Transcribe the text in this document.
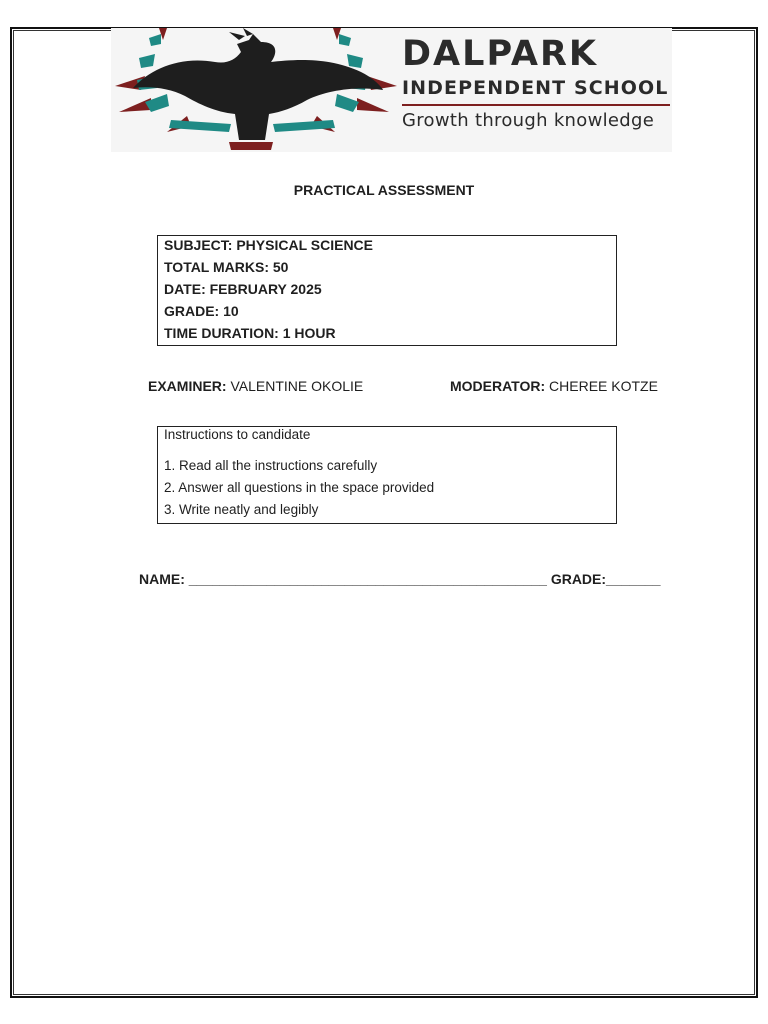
DALPARK
INDEPENDENT SCHOOL
Growth through knowledge
PRACTICAL ASSESSMENT
SUBJECT: PHYSICAL SCIENCE
TOTAL MARKS: 50
DATE: FEBRUARY 2025
GRADE: 10
TIME DURATION: 1 HOUR
EXAMINER: VALENTINE OKOLIE	MODERATOR: CHEREE KOTZE
Instructions to candidate
1. Read all the instructions carefully
2. Answer all questions in the space provided
3. Write neatly and legibly
NAME: ______________________________________________ GRADE:_______
